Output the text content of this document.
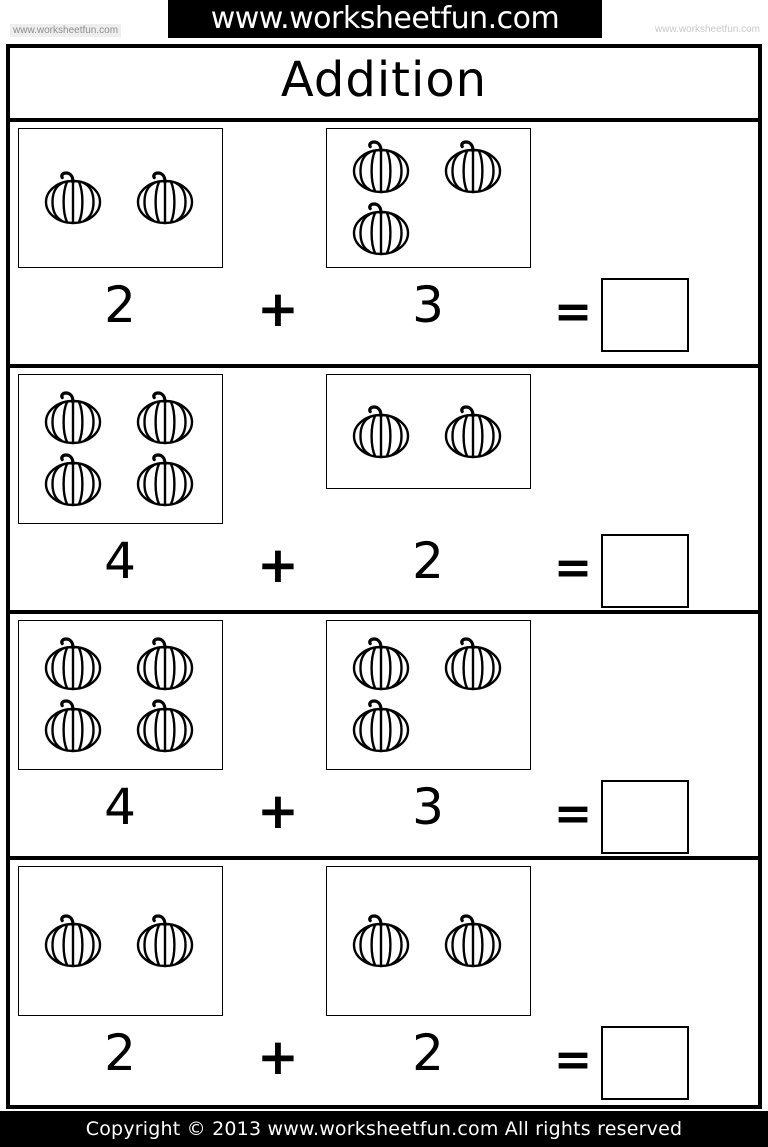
www.worksheetfun.com
www.worksheetfun.com	www.worksheetfun.com
Addition
2	+	3	=
4	+	2	=
4	+	3	=
2	+	2	=
Copyright © 2013 www.worksheetfun.com All rights reserved
